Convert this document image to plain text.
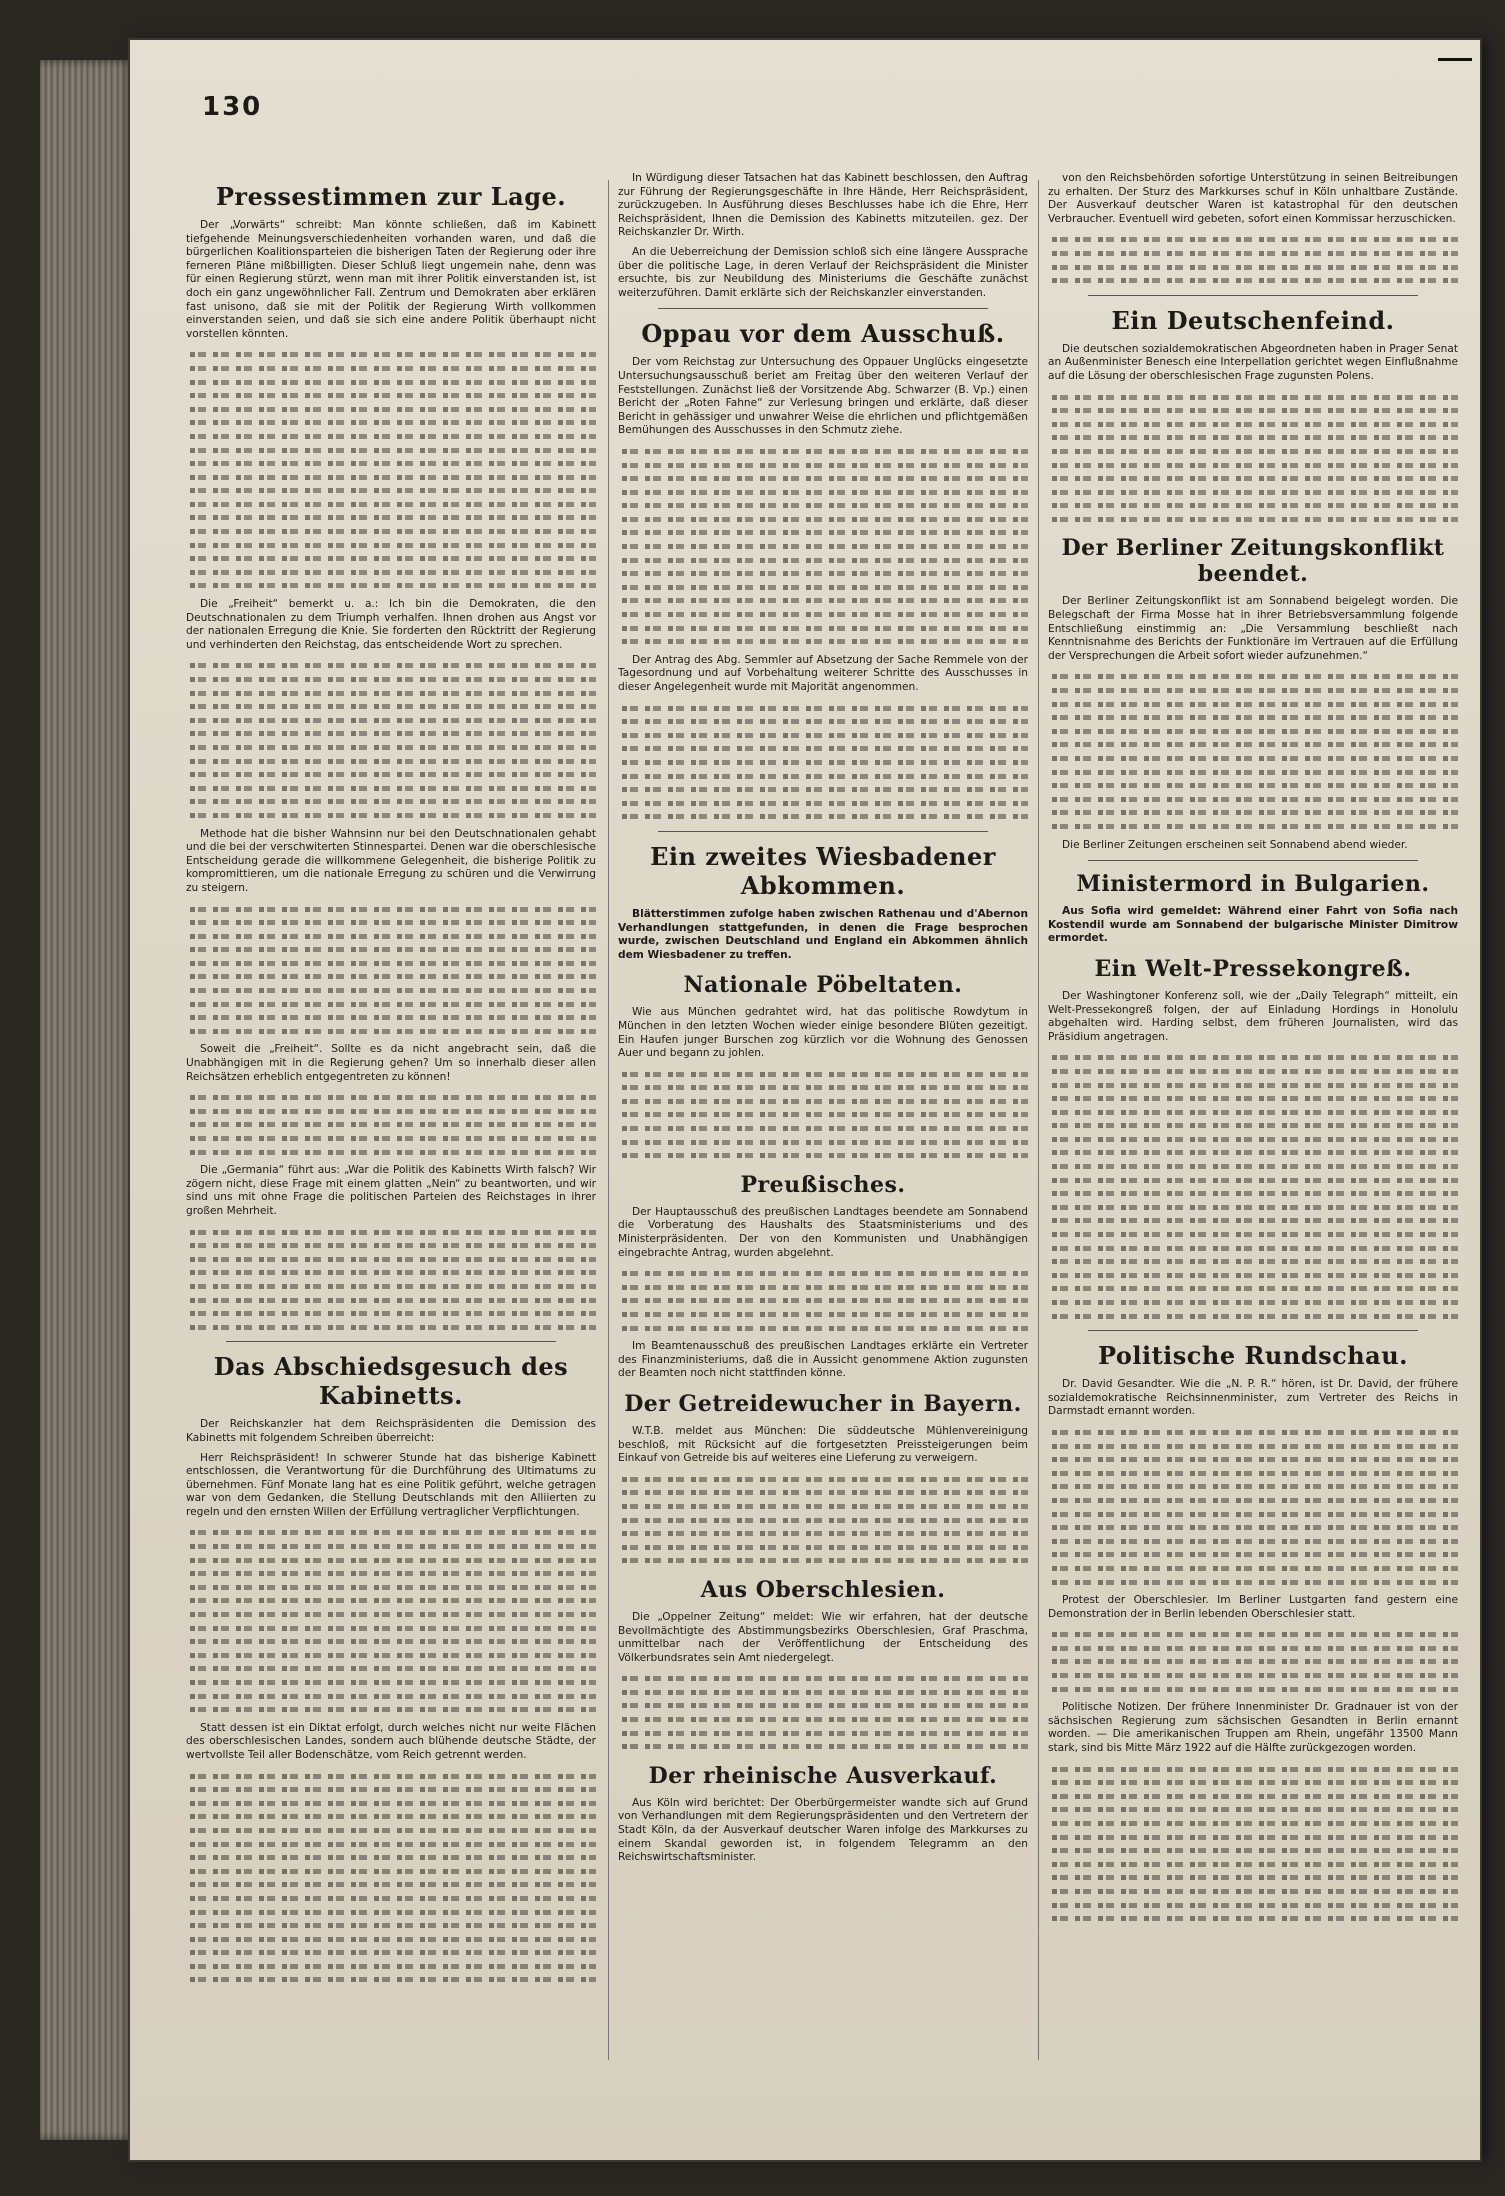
130
Pressestimmen zur Lage.

Der „Vorwärts“ schreibt: Man könnte schließen, daß im Kabinett tiefgehende Meinungsverschiedenheiten vorhanden waren, und daß die bürgerlichen Koalitionsparteien die bisherigen Taten der Regierung oder ihre ferneren Pläne mißbilligten. Dieser Schluß liegt ungemein nahe, denn was für einen Regierung stürzt, wenn man mit ihrer Politik einverstanden ist, ist doch ein ganz ungewöhnlicher Fall. Zentrum und Demokraten aber erklären fast unisono, daß sie mit der Politik der Regierung Wirth vollkommen einverstanden seien, und daß sie sich eine andere Politik überhaupt nicht vorstellen könnten.

Die „Freiheit“ bemerkt u. a.: Ich bin die Demokraten, die den Deutschnationalen zu dem Triumph verhalfen. Ihnen drohen aus Angst vor der nationalen Erregung die Knie. Sie forderten den Rücktritt der Regierung und verhinderten den Reichstag, das entscheidende Wort zu sprechen.

Methode hat die bisher Wahnsinn nur bei den Deutschnationalen gehabt und die bei der verschwiterten Stinnespartei. Denen war die oberschlesische Entscheidung gerade die willkommene Gelegenheit, die bisherige Politik zu kompromittieren, um die nationale Erregung zu schüren und die Verwirrung zu steigern.

Soweit die „Freiheit“. Sollte es da nicht angebracht sein, daß die Unabhängigen mit in die Regierung gehen? Um so innerhalb dieser allen Reichsätzen erheblich entgegentreten zu können!

Die „Germania“ führt aus: „War die Politik des Kabinetts Wirth falsch? Wir zögern nicht, diese Frage mit einem glatten „Nein“ zu beantworten, und wir sind uns mit ohne Frage die politischen Parteien des Reichstages in ihrer großen Mehrheit.

Das Abschiedsgesuch des Kabinetts.

Der Reichskanzler hat dem Reichspräsidenten die Demission des Kabinetts mit folgendem Schreiben überreicht:

Herr Reichspräsident! In schwerer Stunde hat das bisherige Kabinett entschlossen, die Verantwortung für die Durchführung des Ultimatums zu übernehmen. Fünf Monate lang hat es eine Politik geführt, welche getragen war von dem Gedanken, die Stellung Deutschlands mit den Alliierten zu regeln und den ernsten Willen der Erfüllung vertraglicher Verpflichtungen.

Statt dessen ist ein Diktat erfolgt, durch welches nicht nur weite Flächen des oberschlesischen Landes, sondern auch blühende deutsche Städte, der wertvollste Teil aller Bodenschätze, vom Reich getrennt werden.

In Würdigung dieser Tatsachen hat das Kabinett beschlossen, den Auftrag zur Führung der Regierungsgeschäfte in Ihre Hände, Herr Reichspräsident, zurückzugeben. In Ausführung dieses Beschlusses habe ich die Ehre, Herr Reichspräsident, Ihnen die Demission des Kabinetts mitzuteilen. gez. Der Reichskanzler Dr. Wirth.

An die Ueberreichung der Demission schloß sich eine längere Aussprache über die politische Lage, in deren Verlauf der Reichspräsident die Minister ersuchte, bis zur Neubildung des Ministeriums die Geschäfte zunächst weiterzuführen. Damit erklärte sich der Reichskanzler einverstanden.

Oppau vor dem Ausschuß.

Der vom Reichstag zur Untersuchung des Oppauer Unglücks eingesetzte Untersuchungsausschuß beriet am Freitag über den weiteren Verlauf der Feststellungen. Zunächst ließ der Vorsitzende Abg. Schwarzer (B. Vp.) einen Bericht der „Roten Fahne“ zur Verlesung bringen und erklärte, daß dieser Bericht in gehässiger und unwahrer Weise die ehrlichen und pflichtgemäßen Bemühungen des Ausschusses in den Schmutz ziehe.

Der Antrag des Abg. Semmler auf Absetzung der Sache Remmele von der Tagesordnung und auf Vorbehaltung weiterer Schritte des Ausschusses in dieser Angelegenheit wurde mit Majorität angenommen.

Ein zweites Wiesbadener Abkommen.

Blätterstimmen zufolge haben zwischen Rathenau und d'Abernon Verhandlungen stattgefunden, in denen die Frage besprochen wurde, zwischen Deutschland und England ein Abkommen ähnlich dem Wiesbadener zu treffen.

Nationale Pöbeltaten.

Wie aus München gedrahtet wird, hat das politische Rowdytum in München in den letzten Wochen wieder einige besondere Blüten gezeitigt. Ein Haufen junger Burschen zog kürzlich vor die Wohnung des Genossen Auer und begann zu johlen.

Preußisches.

Der Hauptausschuß des preußischen Landtages beendete am Sonnabend die Vorberatung des Haushalts des Staatsministeriums und des Ministerpräsidenten. Der von den Kommunisten und Unabhängigen eingebrachte Antrag, wurden abgelehnt.

Im Beamtenausschuß des preußischen Landtages erklärte ein Vertreter des Finanzministeriums, daß die in Aussicht genommene Aktion zugunsten der Beamten noch nicht stattfinden könne.

Der Getreidewucher in Bayern.

W.T.B. meldet aus München: Die süddeutsche Mühlenvereinigung beschloß, mit Rücksicht auf die fortgesetzten Preissteigerungen beim Einkauf von Getreide bis auf weiteres eine Lieferung zu verweigern.

Aus Oberschlesien.

Die „Oppelner Zeitung“ meldet: Wie wir erfahren, hat der deutsche Bevollmächtigte des Abstimmungsbezirks Oberschlesien, Graf Praschma, unmittelbar nach der Veröffentlichung der Entscheidung des Völkerbundsrates sein Amt niedergelegt.

Der rheinische Ausverkauf.

Aus Köln wird berichtet: Der Oberbürgermeister wandte sich auf Grund von Verhandlungen mit dem Regierungspräsidenten und den Vertretern der Stadt Köln, da der Ausverkauf deutscher Waren infolge des Markkurses zu einem Skandal geworden ist, in folgendem Telegramm an den Reichswirtschaftsminister.

von den Reichsbehörden sofortige Unterstützung in seinen Beitreibungen zu erhalten. Der Sturz des Markkurses schuf in Köln unhaltbare Zustände. Der Ausverkauf deutscher Waren ist katastrophal für den deutschen Verbraucher. Eventuell wird gebeten, sofort einen Kommissar herzuschicken.

Ein Deutschenfeind.

Die deutschen sozialdemokratischen Abgeordneten haben in Prager Senat an Außenminister Benesch eine Interpellation gerichtet wegen Einflußnahme auf die Lösung der oberschlesischen Frage zugunsten Polens.

Der Berliner Zeitungskonflikt beendet.

Der Berliner Zeitungskonflikt ist am Sonnabend beigelegt worden. Die Belegschaft der Firma Mosse hat in ihrer Betriebsversammlung folgende Entschließung einstimmig an: „Die Versammlung beschließt nach Kenntnisnahme des Berichts der Funktionäre im Vertrauen auf die Erfüllung der Versprechungen die Arbeit sofort wieder aufzunehmen.“

Die Berliner Zeitungen erscheinen seit Sonnabend abend wieder.

Ministermord in Bulgarien.

Aus Sofia wird gemeldet: Während einer Fahrt von Sofia nach Kostendil wurde am Sonnabend der bulgarische Minister Dimitrow ermordet.

Ein Welt-Pressekongreß.

Der Washingtoner Konferenz soll, wie der „Daily Telegraph“ mitteilt, ein Welt-Pressekongreß folgen, der auf Einladung Hordings in Honolulu abgehalten wird. Harding selbst, dem früheren Journalisten, wird das Präsidium angetragen.

Politische Rundschau.

Dr. David Gesandter. Wie die „N. P. R.“ hören, ist Dr. David, der frühere sozialdemokratische Reichsinnenminister, zum Vertreter des Reichs in Darmstadt ernannt worden.

Protest der Oberschlesier. Im Berliner Lustgarten fand gestern eine Demonstration der in Berlin lebenden Oberschlesier statt.

Politische Notizen. Der frühere Innenminister Dr. Gradnauer ist von der sächsischen Regierung zum sächsischen Gesandten in Berlin ernannt worden. — Die amerikanischen Truppen am Rhein, ungefähr 13500 Mann stark, sind bis Mitte März 1922 auf die Hälfte zurückgezogen worden.
